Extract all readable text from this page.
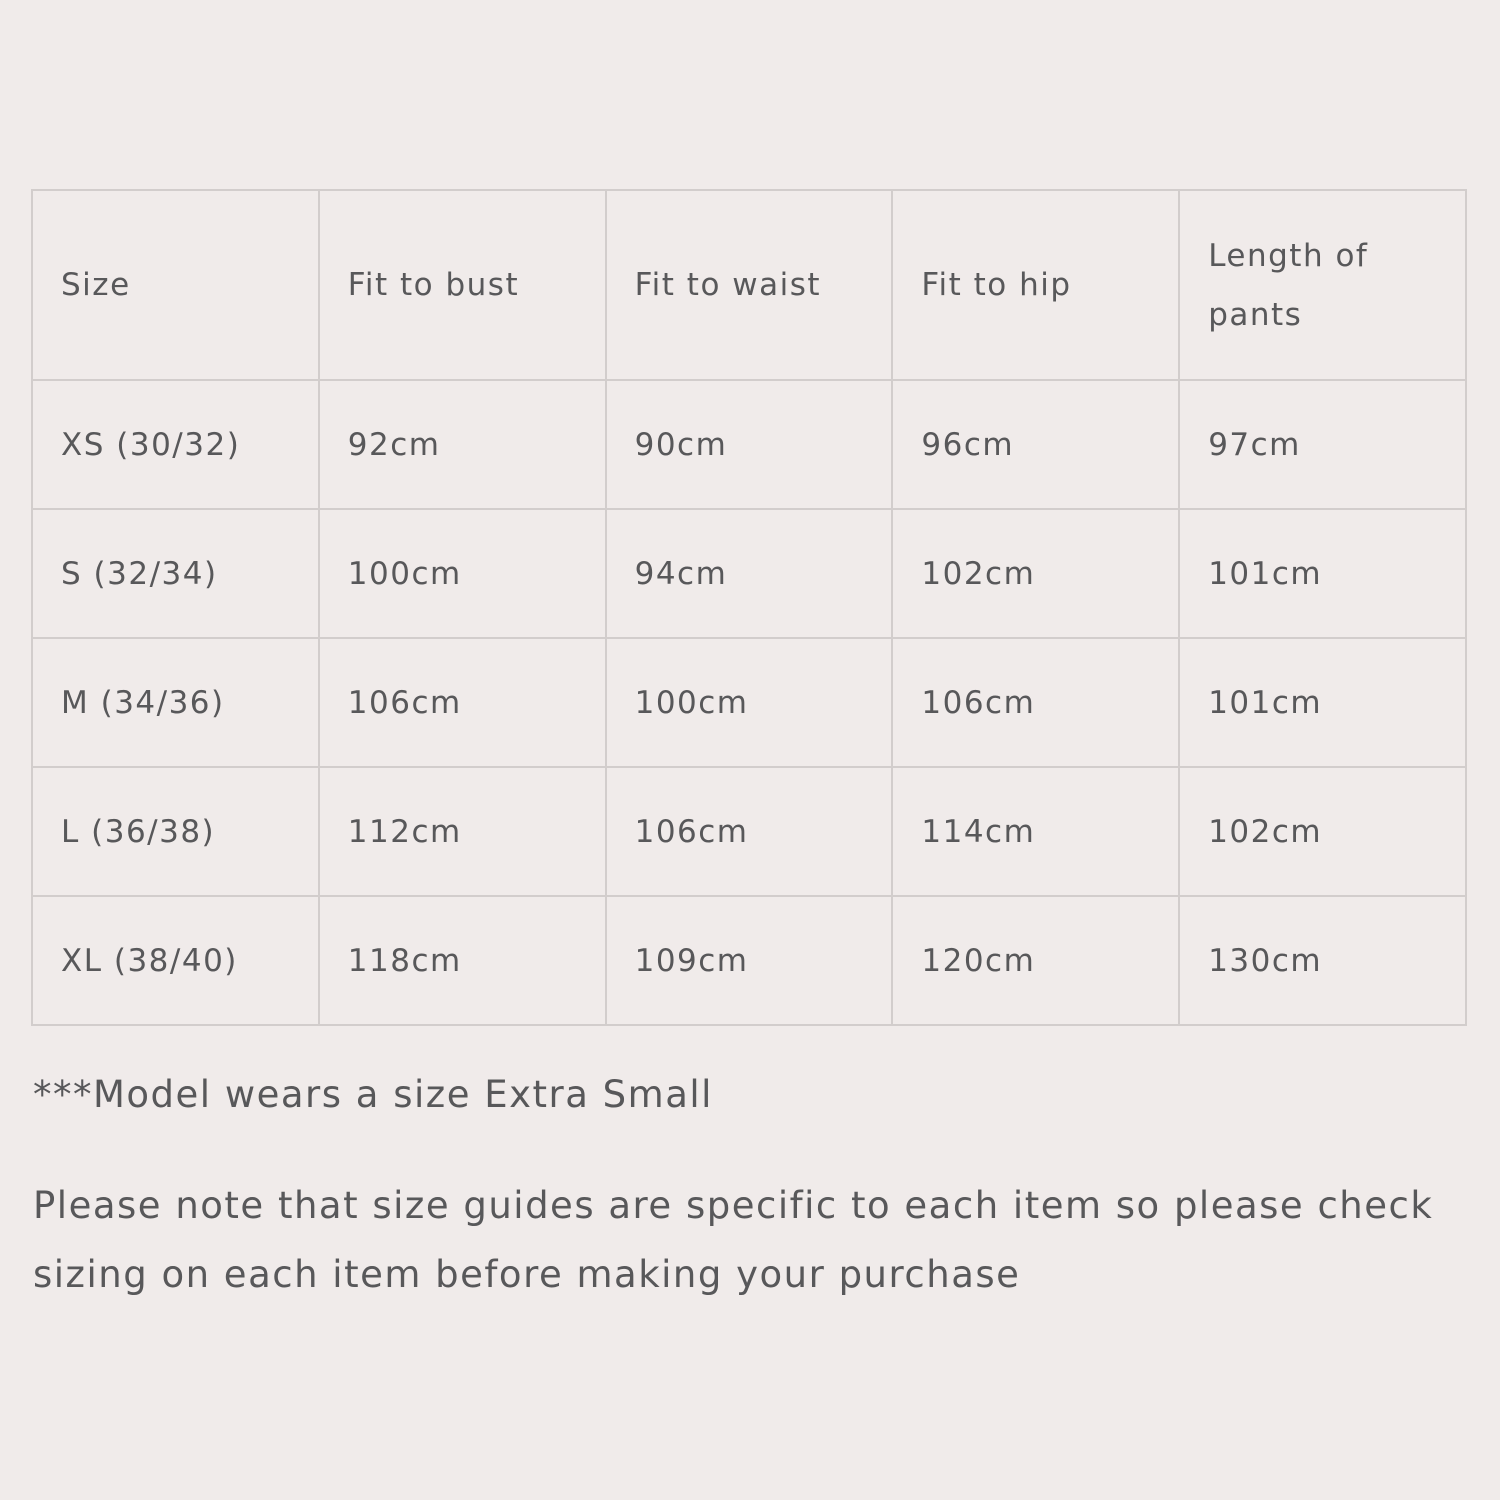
Size	Fit to bust	Fit to waist	Fit to hip	Length of pants

XS (30/32)	92cm	90cm	96cm	97cm
S (32/34)	100cm	94cm	102cm	101cm
M (34/36)	106cm	100cm	106cm	101cm
L (36/38)	112cm	106cm	114cm	102cm
XL (38/40)	118cm	109cm	120cm	130cm

***Model wears a size Extra Small

Please note that size guides are specific to each item so please check sizing on each item before making your purchase
